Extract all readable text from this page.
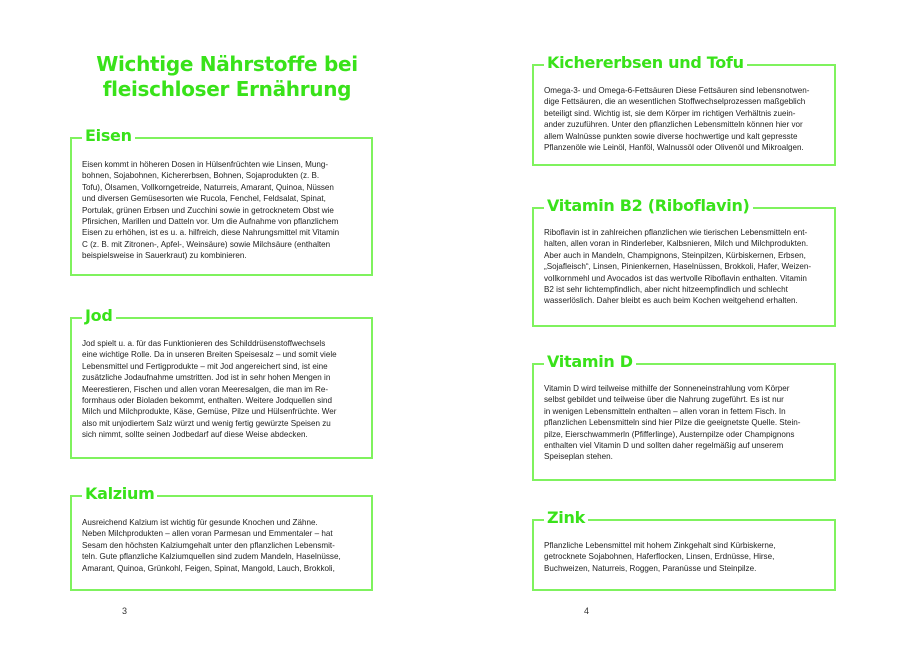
Wichtige Nährstoffe bei
fleischloser Ernährung
Eisen

Eisen kommt in höheren Dosen in Hülsenfrüchten wie Linsen, Mung-
bohnen, Sojabohnen, Kichererbsen, Bohnen, Sojaprodukten (z. B.
Tofu), Ölsamen, Vollkorngetreide, Naturreis, Amarant, Quinoa, Nüssen
und diversen Gemüsesorten wie Rucola, Fenchel, Feldsalat, Spinat,
Portulak, grünen Erbsen und Zucchini sowie in getrocknetem Obst wie
Pfirsichen, Marillen und Datteln vor. Um die Aufnahme von pflanzlichem
Eisen zu erhöhen, ist es u. a. hilfreich, diese Nahrungsmittel mit Vitamin
C (z. B. mit Zitronen-, Apfel-, Weinsäure) sowie Milchsäure (enthalten
beispielsweise in Sauerkraut) zu kombinieren.

Jod

Jod spielt u. a. für das Funktionieren des Schilddrüsenstoffwechsels
eine wichtige Rolle. Da in unseren Breiten Speisesalz – und somit viele
Lebensmittel und Fertigprodukte – mit Jod angereichert sind, ist eine
zusätzliche Jodaufnahme umstritten. Jod ist in sehr hohen Mengen in
Meerestieren, Fischen und allen voran Meeresalgen, die man im Re-
formhaus oder Bioladen bekommt, enthalten. Weitere Jodquellen sind
Milch und Milchprodukte, Käse, Gemüse, Pilze und Hülsenfrüchte. Wer
also mit unjodiertem Salz würzt und wenig fertig gewürzte Speisen zu
sich nimmt, sollte seinen Jodbedarf auf diese Weise abdecken.

Kalzium

Ausreichend Kalzium ist wichtig für gesunde Knochen und Zähne.
Neben Milchprodukten – allen voran Parmesan und Emmentaler – hat
Sesam den höchsten Kalziumgehalt unter den pflanzlichen Lebensmit-
teln. Gute pflanzliche Kalziumquellen sind zudem Mandeln, Haselnüsse,
Amarant, Quinoa, Grünkohl, Feigen, Spinat, Mangold, Lauch, Brokkoli,

3
Kichererbsen und Tofu

Omega-3- und Omega-6-Fettsäuren Diese Fettsäuren sind lebensnotwen-
dige Fettsäuren, die an wesentlichen Stoffwechselprozessen maßgeblich
beteiligt sind. Wichtig ist, sie dem Körper im richtigen Verhältnis zuein-
ander zuzuführen. Unter den pflanzlichen Lebensmitteln können hier vor
allem Walnüsse punkten sowie diverse hochwertige und kalt gepresste
Pflanzenöle wie Leinöl, Hanföl, Walnussöl oder Olivenöl und Mikroalgen.

Vitamin B2 (Riboflavin)

Riboflavin ist in zahlreichen pflanzlichen wie tierischen Lebensmitteln ent-
halten, allen voran in Rinderleber, Kalbsnieren, Milch und Milchprodukten.
Aber auch in Mandeln, Champignons, Steinpilzen, Kürbiskernen, Erbsen,
„Sojafleisch“, Linsen, Pinienkernen, Haselnüssen, Brokkoli, Hafer, Weizen-
vollkornmehl und Avocados ist das wertvolle Riboflavin enthalten. Vitamin
B2 ist sehr lichtempfindlich, aber nicht hitzeempfindlich und schlecht
wasserlöslich. Daher bleibt es auch beim Kochen weitgehend erhalten.

Vitamin D

Vitamin D wird teilweise mithilfe der Sonneneinstrahlung vom Körper
selbst gebildet und teilweise über die Nahrung zugeführt. Es ist nur
in wenigen Lebensmitteln enthalten – allen voran in fettem Fisch. In
pflanzlichen Lebensmitteln sind hier Pilze die geeignetste Quelle. Stein-
pilze, Eierschwammerln (Pfifferlinge), Austernpilze oder Champignons
enthalten viel Vitamin D und sollten daher regelmäßig auf unserem
Speiseplan stehen.

Zink

Pflanzliche Lebensmittel mit hohem Zinkgehalt sind Kürbiskerne,
getrocknete Sojabohnen, Haferflocken, Linsen, Erdnüsse, Hirse,
Buchweizen, Naturreis, Roggen, Paranüsse und Steinpilze.

4
